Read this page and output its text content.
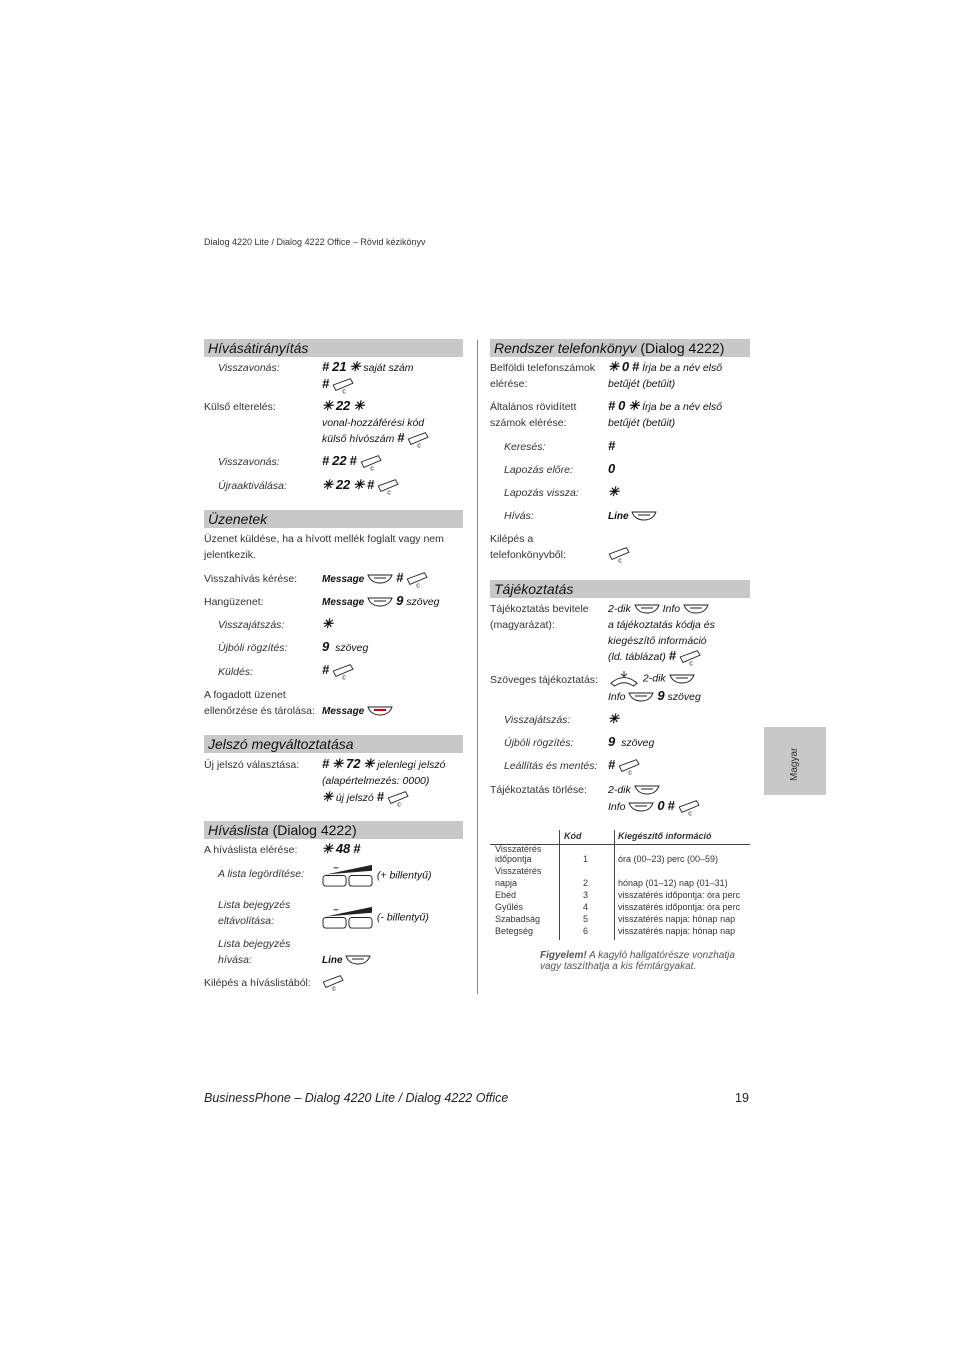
Dialog 4220 Lite / Dialog 4222 Office – Rövid kézikönyv
Hívásátirányítás
Visszavonás:	# 21 ✳ saját szám
#
Külső elterelés:	✳ 22 ✳
vonal-hozzáférési kód
külső hívószám #
Visszavonás:	# 22 #
Újraaktiválása:	✳ 22 ✳ #
Üzenetek
Üzenet küldése, ha a hívott mellék foglalt vagy nem
jelentkezik.
Visszahívás kérése: Message #
Hangüzenet:	Message 9 szöveg
Visszajátszás:	✳
Újbóli rögzítés:	9 szöveg
Küldés:	#
A fogadott üzenet
ellenőrzése és tárolása: Message
Jelszó megváltoztatása
Új jelszó választása: # ✳ 72 ✳ jelenlegi jelszó
(alapértelmezés: 0000)
✳ új jelszó #
Híváslista (Dialog 4222)
A híváslista elérése: ✳ 48 #
A lista legördítése:	(+ billentyű)
Lista bejegyzés
eltávolítása:	(- billentyű)
Lista bejegyzés
hívása:	Line
Kilépés a híváslistából:
Rendszer telefonkönyv (Dialog 4222)
Belföldi telefonszámok
elérése:
✳ 0 # Írja be a név első
betűjét (betűit)
Általános rövidített
számok elérése:
# 0 ✳ Írja be a név első
betűjét (betűit)
Keresés:	#
Lapozás előre:	0
Lapozás vissza: ✳
Hívás:	Line
Kilépés a
telefonkönyvből:
Tájékoztatás
Tájékoztatás bevitele
(magyarázat):
2-dik	Info
a tájékoztatás kódja és
kiegészítő információ
(ld. táblázat) #
Szöveges tájékoztatás:	2-dik
Info 9 szöveg
Visszajátszás:	✳
Újbóli rögzítés:	9 szöveg
Leállítás és mentés: #
Tájékoztatás törlése: 2-dik
Info 0 #
Kód	Kiegészítő információ
Visszatérés
időpontja	1	óra (00–23) perc (00–59)
Visszatérés
napja	2	hónap (01–12) nap (01–31)
Ebéd	3	visszatérés időpontja: óra perc
Gyűlés	4	visszatérés időpontja: óra perc
Szabadság	5	visszatérés napja: hónap nap
Betegség	6	visszatérés napja: hónap nap
Figyelem! A kagyló hallgatórésze vonzhatja
vagy taszíthatja a kis fémtárgyakat.
Magyar
BusinessPhone – Dialog 4220 Lite / Dialog 4222 Office	19
